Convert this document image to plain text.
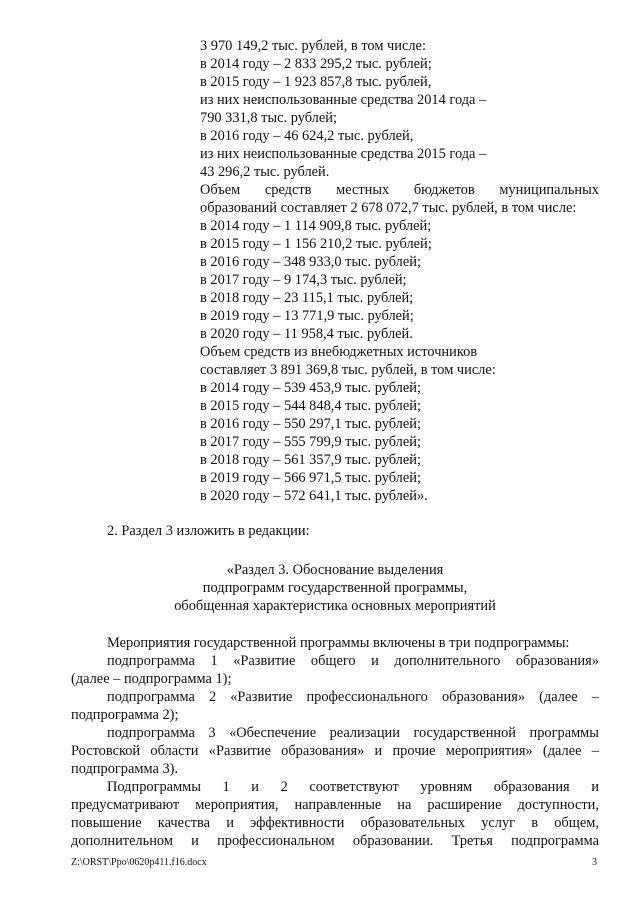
3 970 149,2 тыс. рублей, в том числе:
в 2014 году – 2 833 295,2 тыс. рублей;
в 2015 году – 1 923 857,8 тыс. рублей,
из них неиспользованные средства 2014 года –
790 331,8 тыс. рублей;
в 2016 году – 46 624,2 тыс. рублей,
из них неиспользованные средства 2015 года –
43 296,2 тыс. рублей.
Объем средств местных бюджетов муниципальных
образований составляет 2 678 072,7 тыс. рублей, в том числе:
в 2014 году – 1 114 909,8 тыс. рублей;
в 2015 году – 1 156 210,2 тыс. рублей;
в 2016 году – 348 933,0 тыс. рублей;
в 2017 году – 9 174,3 тыс. рублей;
в 2018 году – 23 115,1 тыс. рублей;
в 2019 году – 13 771,9 тыс. рублей;
в 2020 году – 11 958,4 тыс. рублей.
Объем средств из внебюджетных источников
составляет 3 891 369,8 тыс. рублей, в том числе:
в 2014 году – 539 453,9 тыс. рублей;
в 2015 году – 544 848,4 тыс. рублей;
в 2016 году – 550 297,1 тыс. рублей;
в 2017 году – 555 799,9 тыс. рублей;
в 2018 году – 561 357,9 тыс. рублей;
в 2019 году – 566 971,5 тыс. рублей;
в 2020 году – 572 641,1 тыс. рублей».
2. Раздел 3 изложить в редакции:
«Раздел 3. Обоснование выделения
подпрограмм государственной программы,
обобщенная характеристика основных мероприятий
Мероприятия государственной программы включены в три подпрограммы:
подпрограмма 1 «Развитие общего и дополнительного образования»
(далее – подпрограмма 1);
подпрограмма 2 «Развитие профессионального образования» (далее –
подпрограмма 2);
подпрограмма 3 «Обеспечение реализации государственной программы
Ростовской области «Развитие образования» и прочие мероприятия» (далее –
подпрограмма 3).
Подпрограммы 1 и 2 соответствуют уровням образования и
предусматривают мероприятия, направленные на расширение доступности,
повышение качества и эффективности образовательных услуг в общем,
дополнительном и профессиональном образовании. Третья подпрограмма
Z:\ORST\Ppo\0620p411.f16.docx	3
